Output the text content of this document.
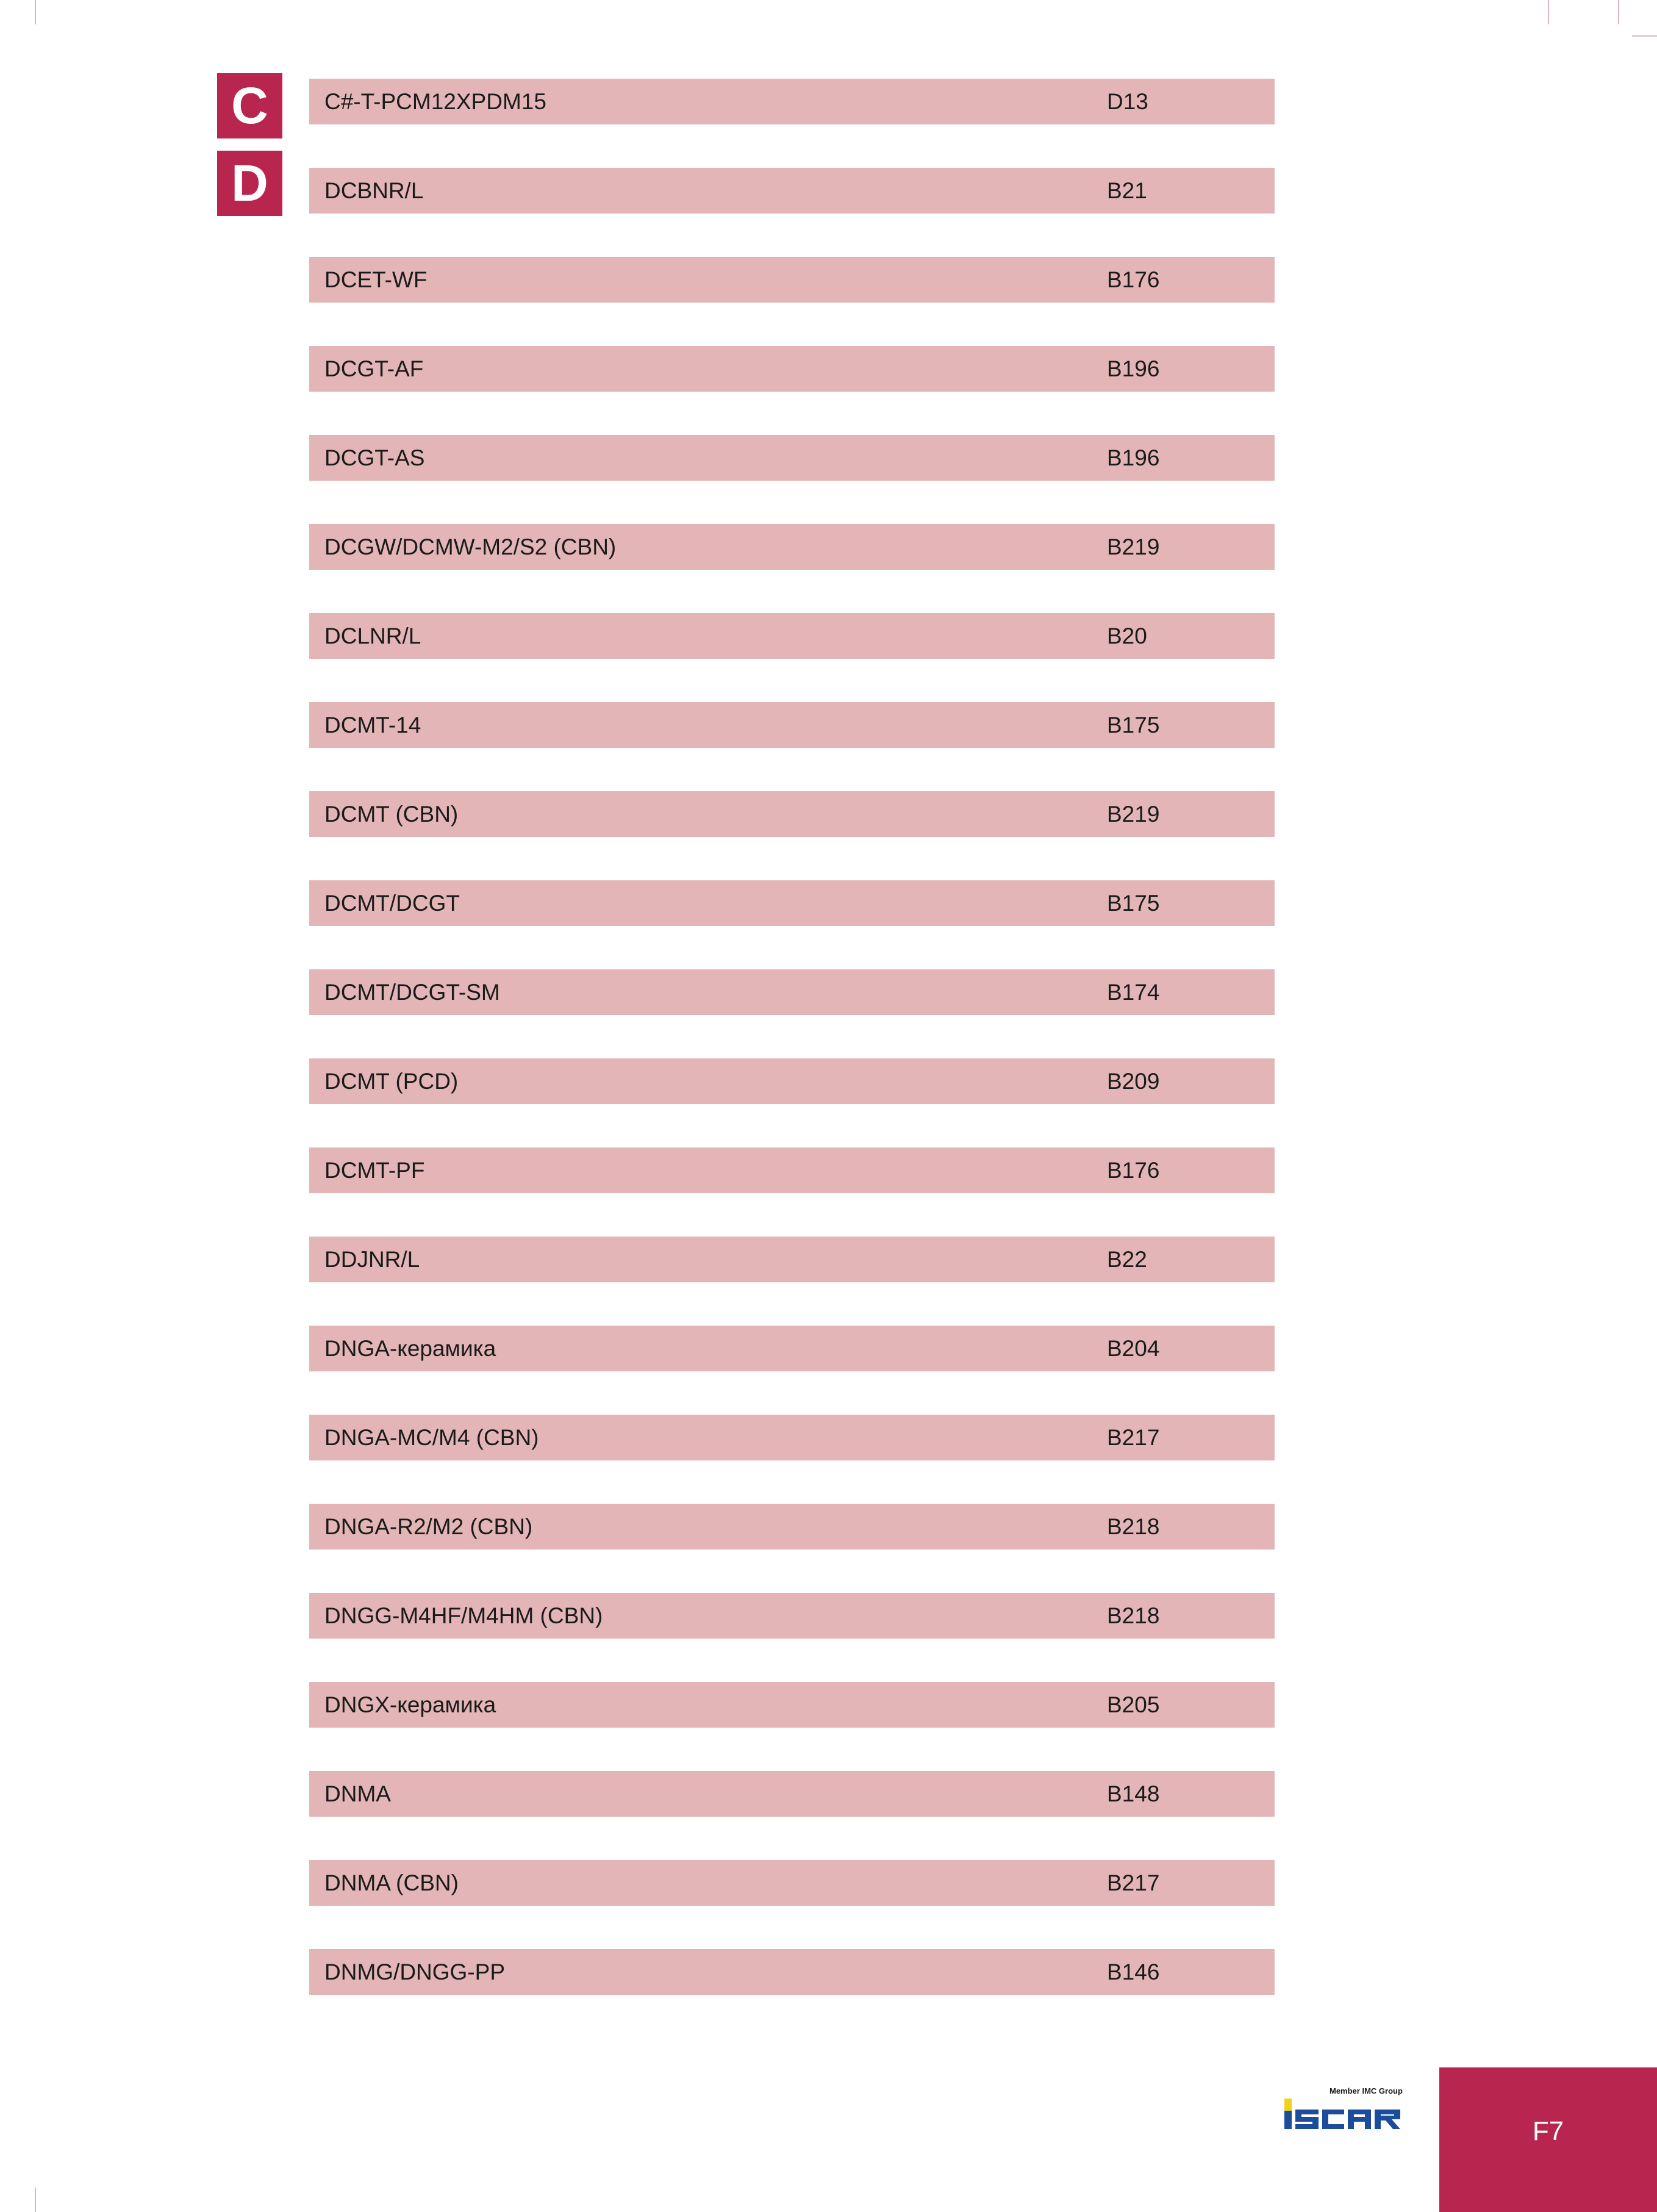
C
D
C#-T-PCM12XPDM15	D13
DCBNR/L	B21
DCET-WF	B176
DCGT-AF	B196
DCGT-AS	B196
DCGW/DCMW-M2/S2 (CBN)	B219
DCLNR/L	B20
DCMT-14	B175
DCMT (CBN)	B219
DCMT/DCGT	B175
DCMT/DCGT-SM	B174
DCMT (PCD)	B209
DCMT-PF	B176
DDJNR/L	B22
DNGA-керамика	B204
DNGA-MC/M4 (CBN)	B217
DNGA-R2/M2 (CBN)	B218
DNGG-M4HF/M4HM (CBN)	B218
DNGX-керамика	B205
DNMA	B148
DNMA (CBN)	B217
DNMG/DNGG-PP	B146
Member IMC Group
F7
